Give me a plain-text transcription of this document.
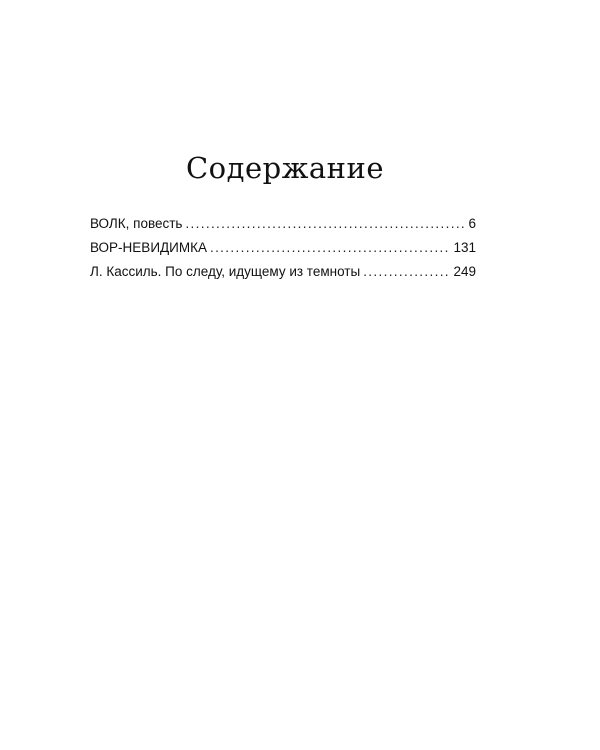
Содержание
ВОЛК, повесть . . .	6
ВОР-НЕВИДИМКА . . .	131
Л. Кассиль. По следу, идущему из темноты . . .	249
